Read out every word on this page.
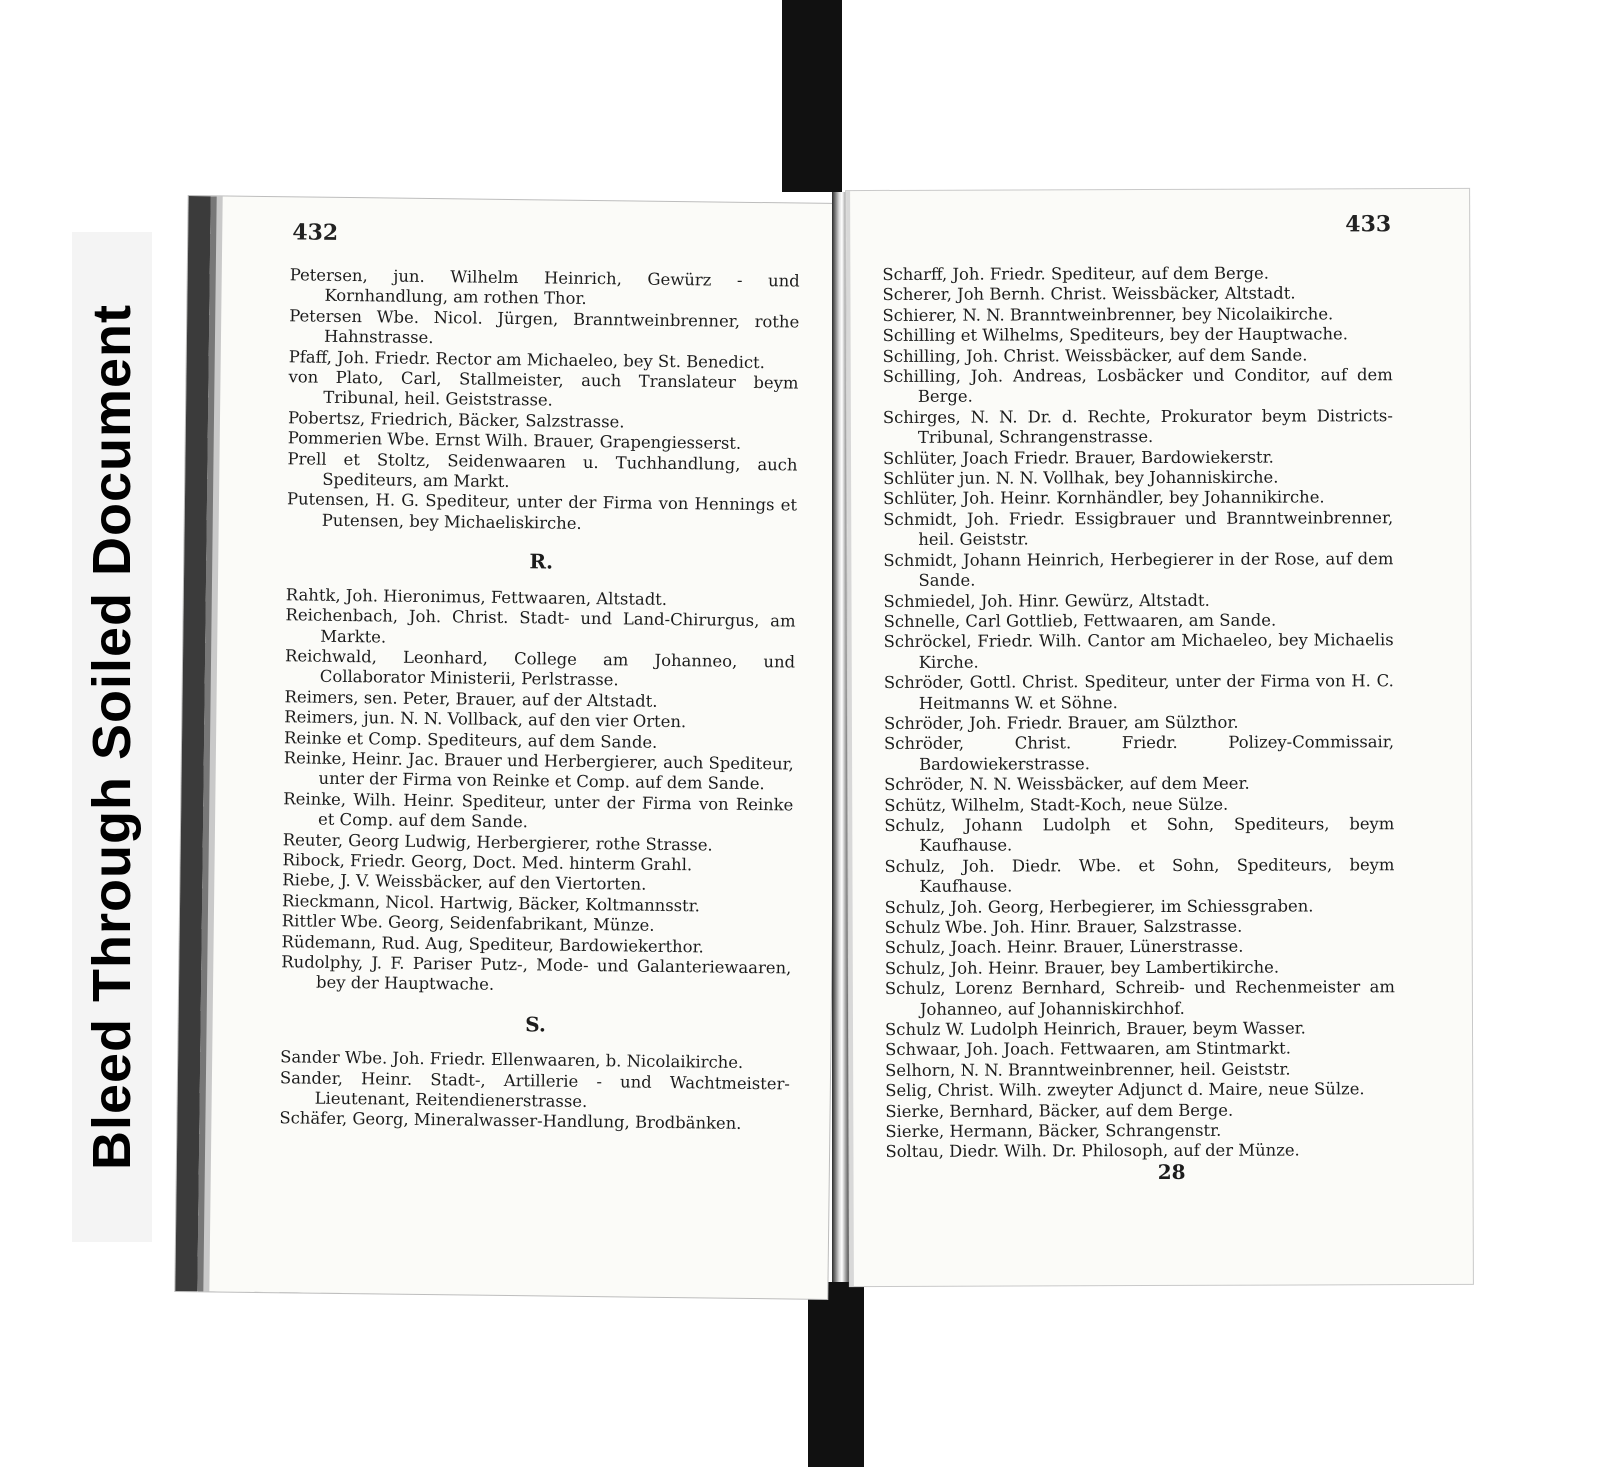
Bleed Through Soiled Document
432

Petersen, jun. Wilhelm Heinrich, Gewürz - und Kornhandlung, am rothen Thor.

Petersen Wbe. Nicol. Jürgen, Branntweinbrenner, rothe Hahnstrasse.

Pfaff, Joh. Friedr. Rector am Michaeleo, bey St. Benedict.

von Plato, Carl, Stallmeister, auch Translateur beym Tribunal, heil. Geiststrasse.

Pobertsz, Friedrich, Bäcker, Salzstrasse.

Pommerien Wbe. Ernst Wilh. Brauer, Grapengiesserst.

Prell et Stoltz, Seidenwaaren u. Tuchhandlung, auch Spediteurs, am Markt.

Putensen, H. G. Spediteur, unter der Firma von Hennings et Putensen, bey Michaeliskirche.

R.

Rahtk, Joh. Hieronimus, Fettwaaren, Altstadt.

Reichenbach, Joh. Christ. Stadt- und Land-Chirurgus, am Markte.

Reichwald, Leonhard, College am Johanneo, und Collaborator Ministerii, Perlstrasse.

Reimers, sen. Peter, Brauer, auf der Altstadt.

Reimers, jun. N. N. Vollback, auf den vier Orten.

Reinke et Comp. Spediteurs, auf dem Sande.

Reinke, Heinr. Jac. Brauer und Herbergierer, auch Spediteur, unter der Firma von Reinke et Comp. auf dem Sande.

Reinke, Wilh. Heinr. Spediteur, unter der Firma von Reinke et Comp. auf dem Sande.

Reuter, Georg Ludwig, Herbergierer, rothe Strasse.

Ribock, Friedr. Georg, Doct. Med. hinterm Grahl.

Riebe, J. V. Weissbäcker, auf den Viertorten.

Rieckmann, Nicol. Hartwig, Bäcker, Koltmannsstr.

Rittler Wbe. Georg, Seidenfabrikant, Münze.

Rüdemann, Rud. Aug, Spediteur, Bardowiekerthor.

Rudolphy, J. F. Pariser Putz-, Mode- und Galanteriewaaren, bey der Hauptwache.

S.

Sander Wbe. Joh. Friedr. Ellenwaaren, b. Nicolaikirche.

Sander, Heinr. Stadt-, Artillerie - und Wachtmeister-Lieutenant, Reitendienerstrasse.

Schäfer, Georg, Mineralwasser-Handlung, Brodbänken.

433

Scharff, Joh. Friedr. Spediteur, auf dem Berge.

Scherer, Joh Bernh. Christ. Weissbäcker, Altstadt.

Schierer, N. N. Branntweinbrenner, bey Nicolaikirche.

Schilling et Wilhelms, Spediteurs, bey der Hauptwache.

Schilling, Joh. Christ. Weissbäcker, auf dem Sande.

Schilling, Joh. Andreas, Losbäcker und Conditor, auf dem Berge.

Schirges, N. N. Dr. d. Rechte, Prokurator beym Districts-Tribunal, Schrangenstrasse.

Schlüter, Joach Friedr. Brauer, Bardowiekerstr.

Schlüter jun. N. N. Vollhak, bey Johanniskirche.

Schlüter, Joh. Heinr. Kornhändler, bey Johannikirche.

Schmidt, Joh. Friedr. Essigbrauer und Branntweinbrenner, heil. Geiststr.

Schmidt, Johann Heinrich, Herbegierer in der Rose, auf dem Sande.

Schmiedel, Joh. Hinr. Gewürz, Altstadt.

Schnelle, Carl Gottlieb, Fettwaaren, am Sande.

Schröckel, Friedr. Wilh. Cantor am Michaeleo, bey Michaelis Kirche.

Schröder, Gottl. Christ. Spediteur, unter der Firma von H. C. Heitmanns W. et Söhne.

Schröder, Joh. Friedr. Brauer, am Sülzthor.

Schröder, Christ. Friedr. Polizey-Commissair, Bardowiekerstrasse.

Schröder, N. N. Weissbäcker, auf dem Meer.

Schütz, Wilhelm, Stadt-Koch, neue Sülze.

Schulz, Johann Ludolph et Sohn, Spediteurs, beym Kaufhause.

Schulz, Joh. Diedr. Wbe. et Sohn, Spediteurs, beym Kaufhause.

Schulz, Joh. Georg, Herbegierer, im Schiessgraben.

Schulz Wbe. Joh. Hinr. Brauer, Salzstrasse.

Schulz, Joach. Heinr. Brauer, Lünerstrasse.

Schulz, Joh. Heinr. Brauer, bey Lambertikirche.

Schulz, Lorenz Bernhard, Schreib- und Rechenmeister am Johanneo, auf Johanniskirchhof.

Schulz W. Ludolph Heinrich, Brauer, beym Wasser.

Schwaar, Joh. Joach. Fettwaaren, am Stintmarkt.

Selhorn, N. N. Branntweinbrenner, heil. Geiststr.

Selig, Christ. Wilh. zweyter Adjunct d. Maire, neue Sülze.

Sierke, Bernhard, Bäcker, auf dem Berge.

Sierke, Hermann, Bäcker, Schrangenstr.

Soltau, Diedr. Wilh. Dr. Philosoph, auf der Münze.

28
